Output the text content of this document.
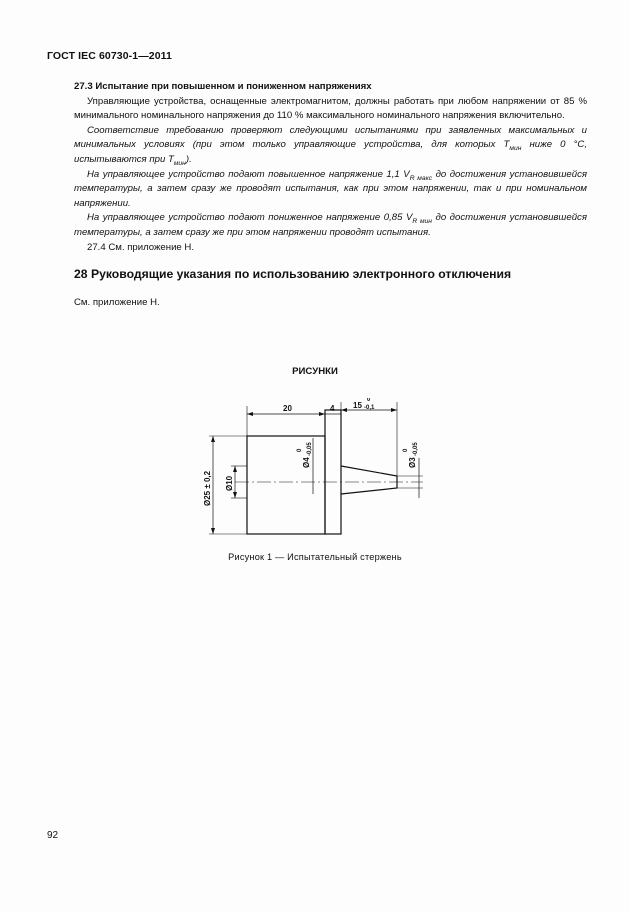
ГОСТ IEC 60730-1—2011

27.3 Испытание при повышенном и пониженном напряжениях

Управляющие устройства, оснащенные электромагнитом, должны работать при любом напряжении от 85 % минимального номинального напряжения до 110 % максимального номинального напряжения включительно.

Соответствие требованию проверяют следующими испытаниями при заявленных максимальных и минимальных условиях (при этом только управляющие устройства, для которых $T_{мин}$ ниже 0 °C, испытываются при $T_{мин}$).

На управляющее устройство подают повышенное напряжение 1,1 $V_{R макс}$ до достижения установившейся температуры, а затем сразу же проводят испытания, как при этом напряжении, так и при номинальном напряжении.

На управляющее устройство подают пониженное напряжение 0,85 $V_{R мин}$ до достижения установившейся температуры, а затем сразу же при этом напряжении проводят испытания.

27.4 См. приложение Н.

28 Руководящие указания по использованию электронного отключения

См. приложение Н.

РИСУНКИ

20	4 15
0
-0,1
Ø25 ± 0,2 Ø10
Ø4
0 -0,05
Ø3
0 -0,05

Рисунок 1 — Испытательный стержень

92
